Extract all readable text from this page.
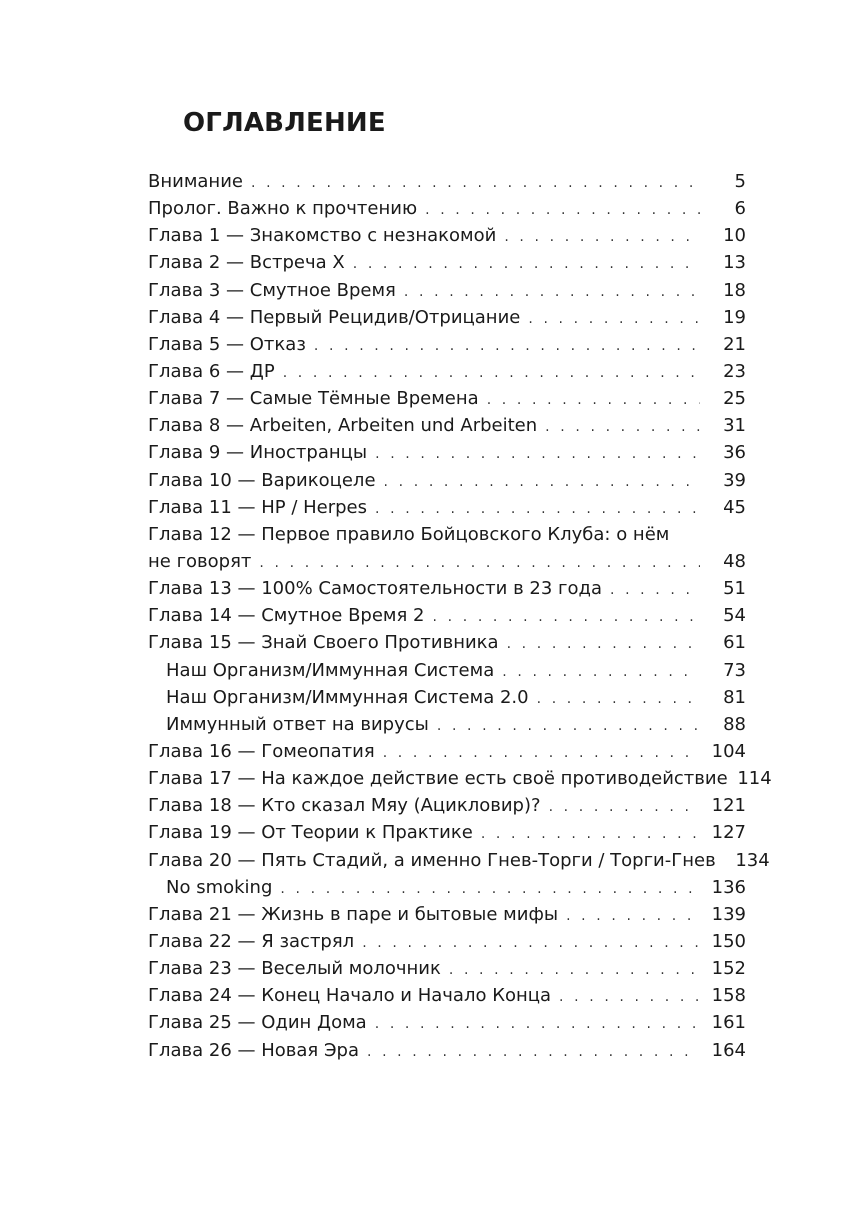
ОГЛАВЛЕНИЕ
Внимание . . .	5
Пролог. Важно к прочтению . . .	6
Глава 1 — Знакомство с незнакомой . . .	10
Глава 2 — Встреча Х . . .	13
Глава 3 — Смутное Время . . .	18
Глава 4 — Первый Рецидив/Отрицание . . .	19
Глава 5 — Отказ . . .	21
Глава 6 — ДР . . .	23
Глава 7 — Самые Тёмные Времена . . .	25
Глава 8 — Arbeiten, Arbeiten und Arbeiten . . .	31
Глава 9 — Иностранцы . . .	36
Глава 10 — Варикоцеле . . .	39
Глава 11 — HP / Herpes . . .	45
Глава 12 — Первое правило Бойцовского Клуба: о нём
не говорят . . .	48
Глава 13 — 100% Самостоятельности в 23 года . . .	51
Глава 14 — Смутное Время 2 . . .	54
Глава 15 — Знай Своего Противника . . .	61
Наш Организм/Иммунная Система . . .	73
Наш Организм/Иммунная Система 2.0 . . .	81
Иммунный ответ на вирусы . . .	88
Глава 16 — Гомеопатия . . .	104
Глава 17 — На каждое действие есть своё противодействие 114
Глава 18 — Кто сказал Мяу (Ацикловир)? . . .	121
Глава 19 — От Теории к Практике . . .	127
Глава 20 — Пять Стадий, а именно Гнев-Торги / Торги-Гнев	134
No smoking . . .	136
Глава 21 — Жизнь в паре и бытовые мифы . . .	139
Глава 22 — Я застрял . . .	150
Глава 23 — Веселый молочник . . .	152
Глава 24 — Конец Начало и Начало Конца . . .	158
Глава 25 — Один Дома . . .	161
Глава 26 — Новая Эра . . .	164
